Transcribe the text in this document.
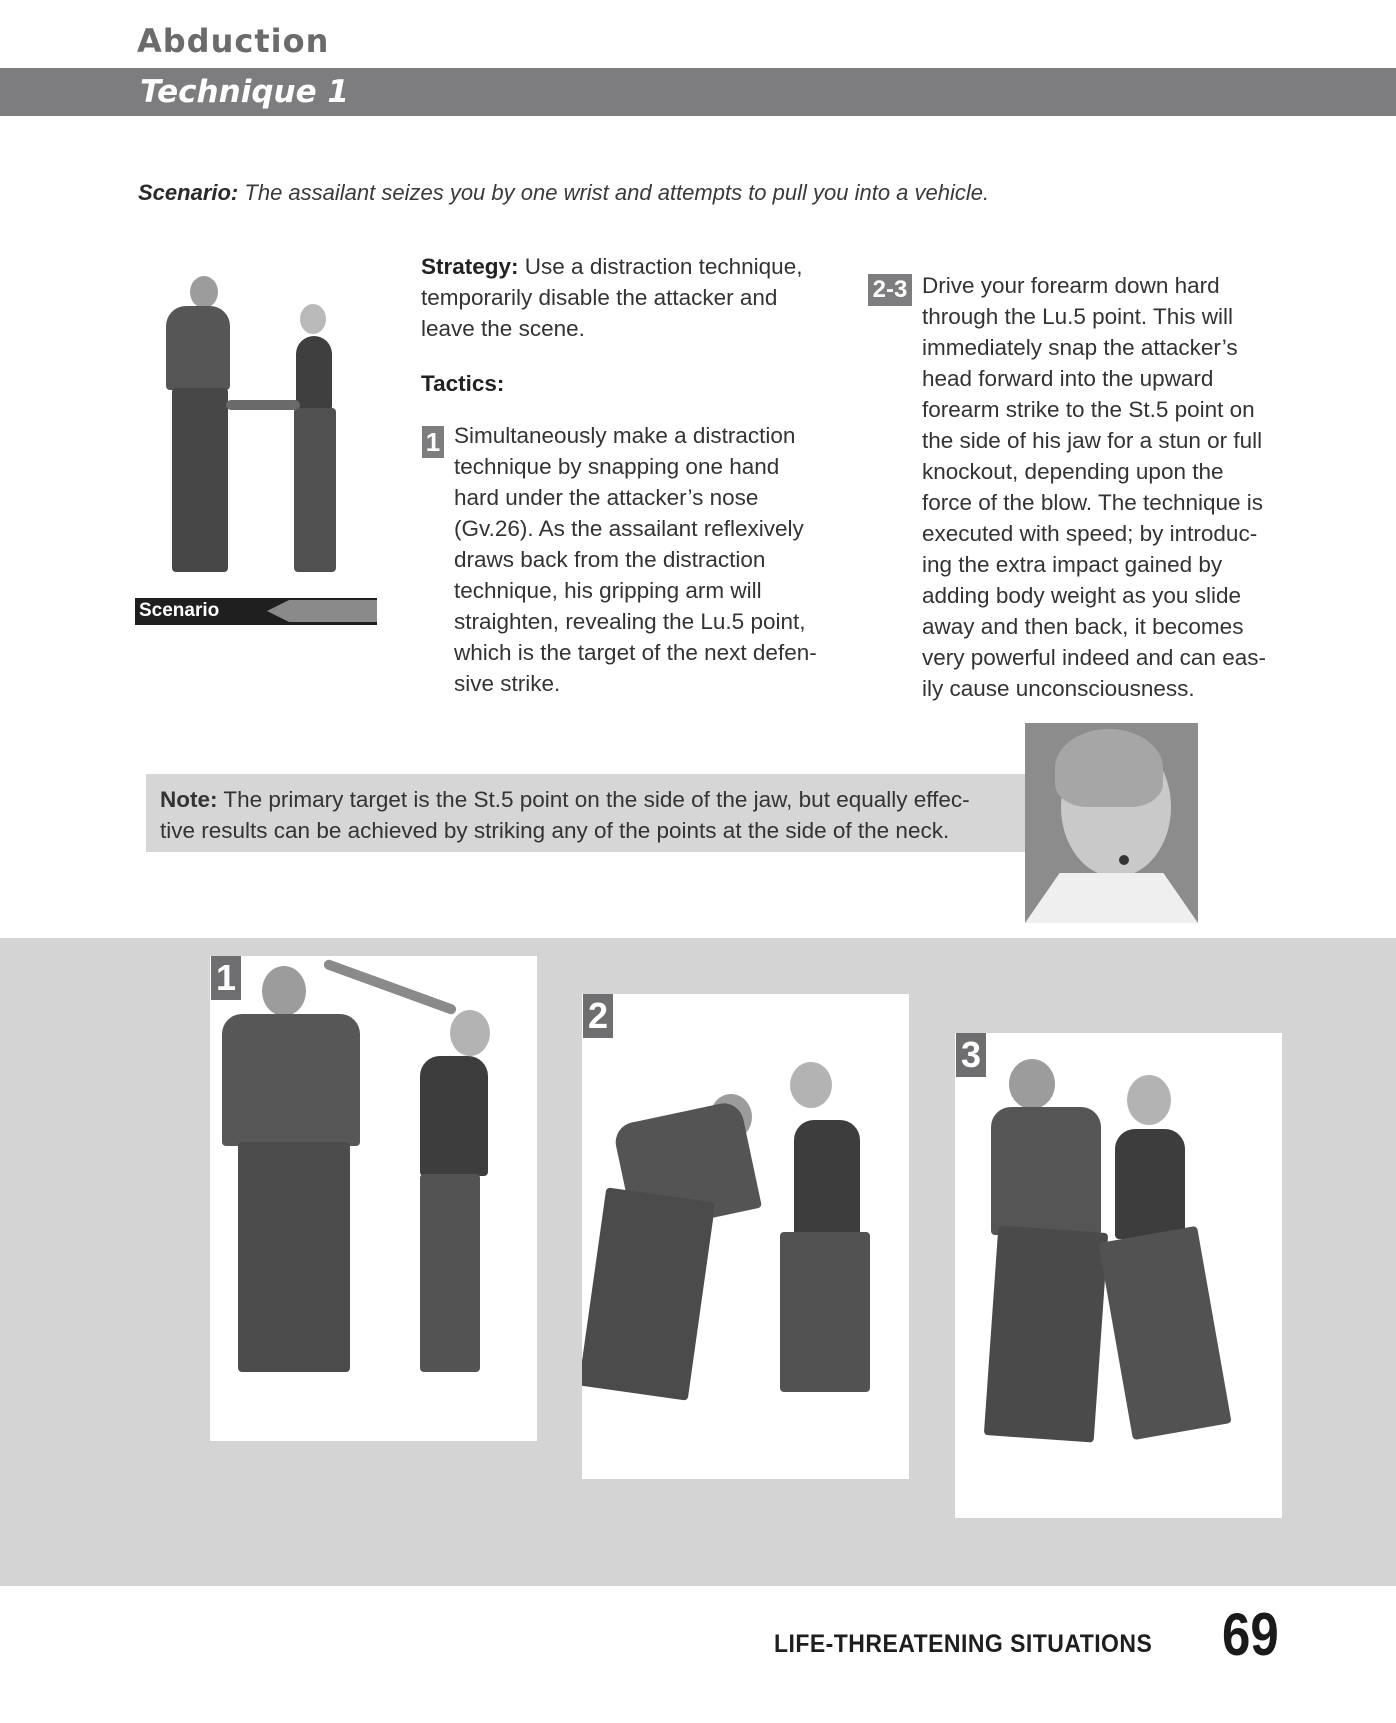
Abduction
Technique 1
Scenario: The assailant seizes you by one wrist and attempts to pull you into a vehicle.
Scenario

Strategy: Use a distraction technique, temporarily disable the attacker and leave the scene.

Tactics:
1 Simultaneously make a distraction
technique by snapping one hand
hard under the attacker’s nose
(Gv.26). As the assailant reflexively
draws back from the distraction
technique, his gripping arm will
straighten, revealing the Lu.5 point,
which is the target of the next defen-
sive strike.
2-3 Drive your forearm down hard
through the Lu.5 point. This will
immediately snap the attacker’s
head forward into the upward
forearm strike to the St.5 point on
the side of his jaw for a stun or full
knockout, depending upon the
force of the blow. The technique is
executed with speed; by introduc-
ing the extra impact gained by
adding body weight as you slide
away and then back, it becomes
very powerful indeed and can eas-
ily cause unconsciousness.
Note: The primary target is the St.5 point on the side of the jaw, but equally effec-
tive results can be achieved by striking any of the points at the side of the neck.
1
2
3
LIFE-THREATENING SITUATIONS 69
